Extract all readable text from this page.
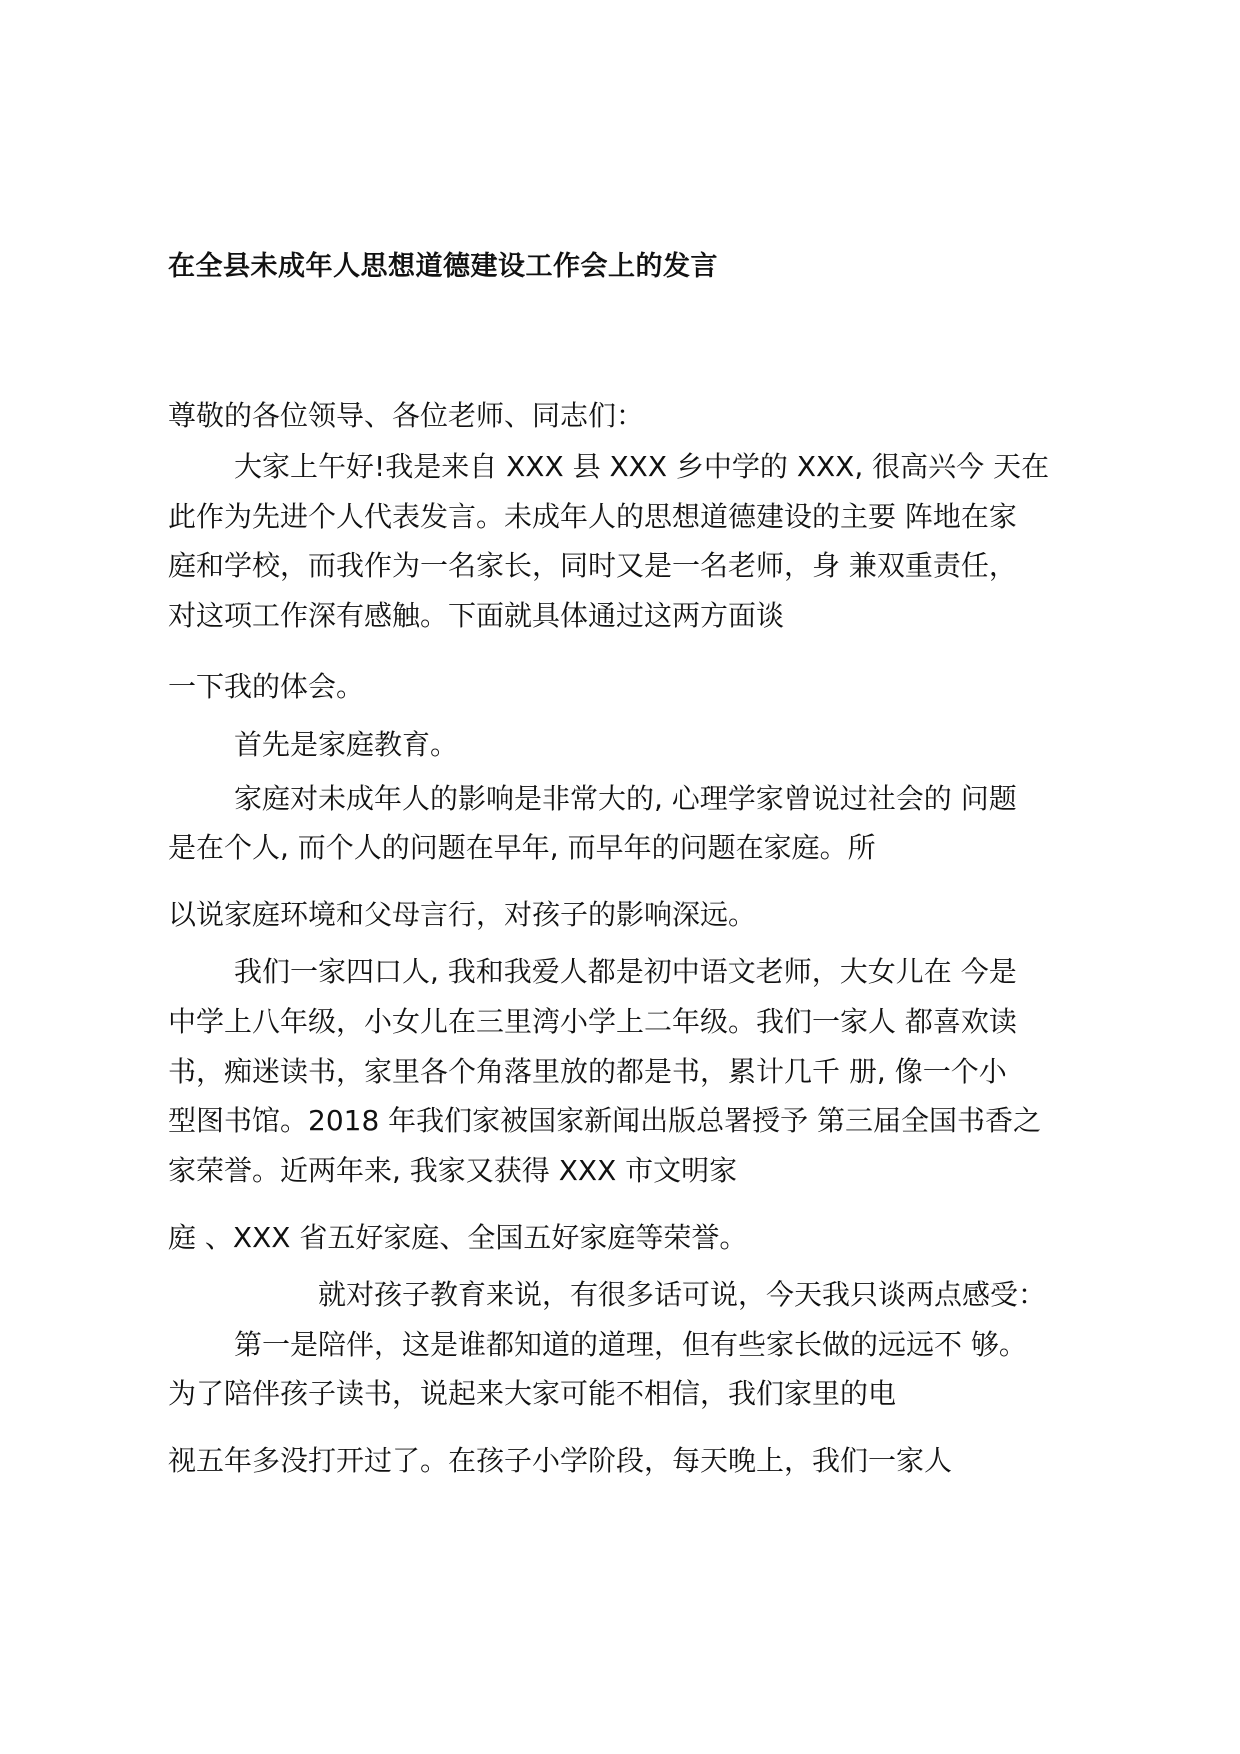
在全县未成年人思想道德建设工作会上的发言

尊敬的各位领导、各位老师、同志们：

大家上午好!我是来自 XXX 县 XXX 乡中学的 XXX, 很高兴今 天在

此作为先进个人代表发言。未成年人的思想道德建设的主要 阵地在家

庭和学校，而我作为一名家长，同时又是一名老师，身 兼双重责任，

对这项工作深有感触。下面就具体通过这两方面谈

一下我的体会。

首先是家庭教育。

家庭对未成年人的影响是非常大的, 心理学家曾说过社会的 问题

是在个人, 而个人的问题在早年, 而早年的问题在家庭。所

以说家庭环境和父母言行，对孩子的影响深远。

我们一家四口人, 我和我爱人都是初中语文老师，大女儿在 今是

中学上八年级，小女儿在三里湾小学上二年级。我们一家人 都喜欢读

书，痴迷读书，家里各个角落里放的都是书，累计几千 册, 像一个小

型图书馆。2018 年我们家被国家新闻出版总署授予 第三届全国书香之

家荣誉。近两年来, 我家又获得 XXX 市文明家

庭 、XXX 省五好家庭、全国五好家庭等荣誉。

就对孩子教育来说，有很多话可说，今天我只谈两点感受：

第一是陪伴，这是谁都知道的道理，但有些家长做的远远不 够。

为了陪伴孩子读书，说起来大家可能不相信，我们家里的电

视五年多没打开过了。在孩子小学阶段，每天晚上，我们一家人
